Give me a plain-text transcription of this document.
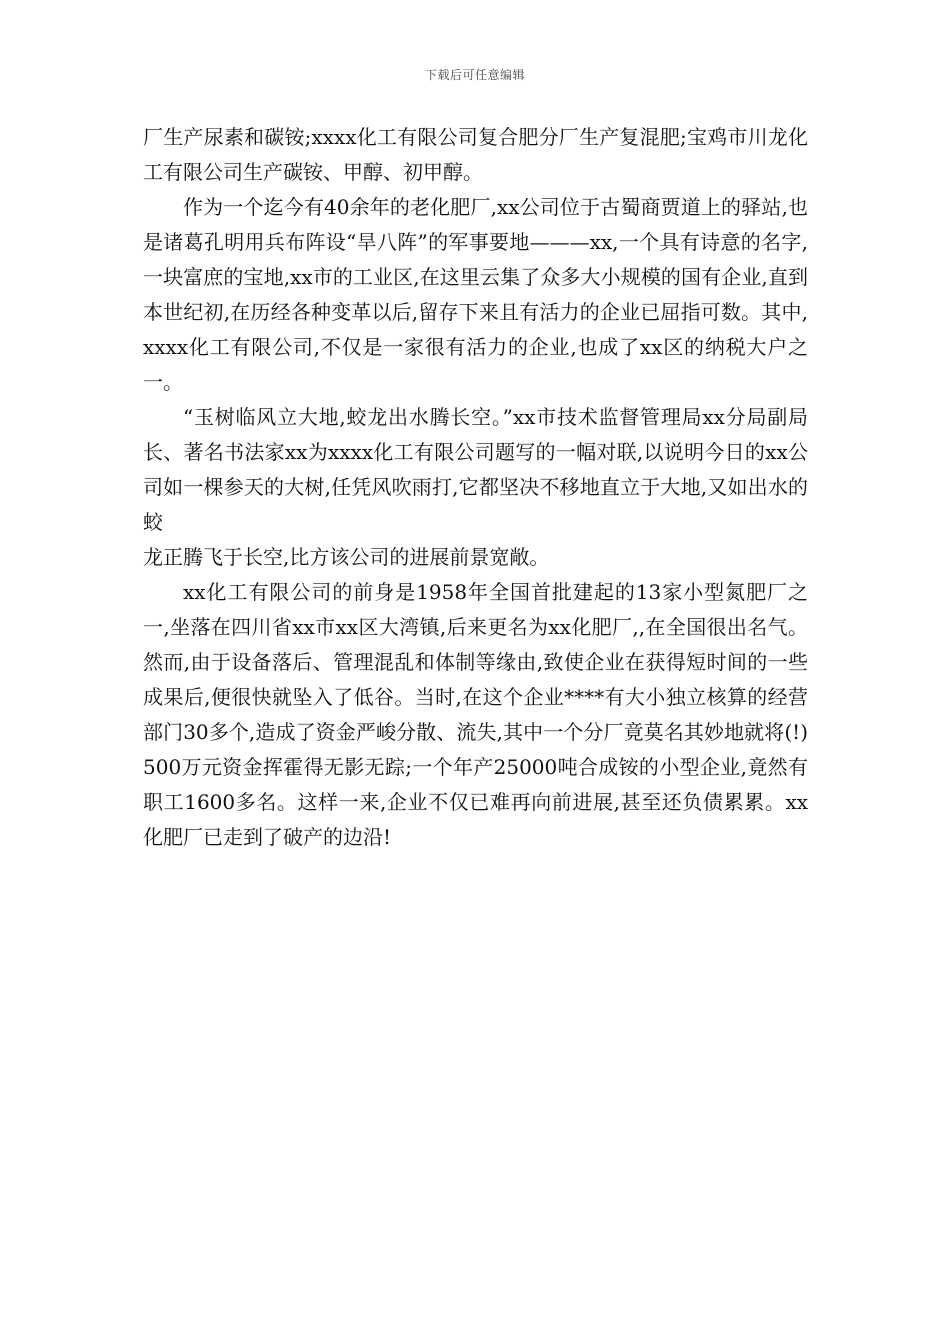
下载后可任意编辑

厂生产尿素和碳铵;xxxx化工有限公司复合肥分厂生产复混肥;宝鸡市川龙化工有限公司生产碳铵、甲醇、初甲醇。

作为一个迄今有40余年的老化肥厂,xx公司位于古蜀商贾道上的驿站,也是诸葛孔明用兵布阵设“旱八阵”的军事要地———xx,一个具有诗意的名字,一块富庶的宝地,xx市的工业区,在这里云集了众多大小规模的国有企业,直到本世纪初,在历经各种变革以后,留存下来且有活力的企业已屈指可数。其中,xxxx化工有限公司,不仅是一家很有活力的企业,也成了xx区的纳税大户之一。

“玉树临风立大地,蛟龙出水腾长空。”xx市技术监督管理局xx分局副局长、著名书法家xx为xxxx化工有限公司题写的一幅对联,以说明今日的xx公司如一棵参天的大树,任凭风吹雨打,它都坚决不移地直立于大地,又如出水的蛟

龙正腾飞于长空,比方该公司的进展前景宽敞。

xx化工有限公司的前身是1958年全国首批建起的13家小型氮肥厂之一,坐落在四川省xx市xx区大湾镇,后来更名为xx化肥厂,,在全国很出名气。然而,由于设备落后、管理混乱和体制等缘由,致使企业在获得短时间的一些成果后,便很快就坠入了低谷。当时,在这个企业****有大小独立核算的经营部门30多个,造成了资金严峻分散、流失,其中一个分厂竟莫名其妙地就将(!)500万元资金挥霍得无影无踪;一个年产25000吨合成铵的小型企业,竟然有职工1600多名。这样一来,企业不仅已难再向前进展,甚至还负债累累。xx化肥厂已走到了破产的边沿!
